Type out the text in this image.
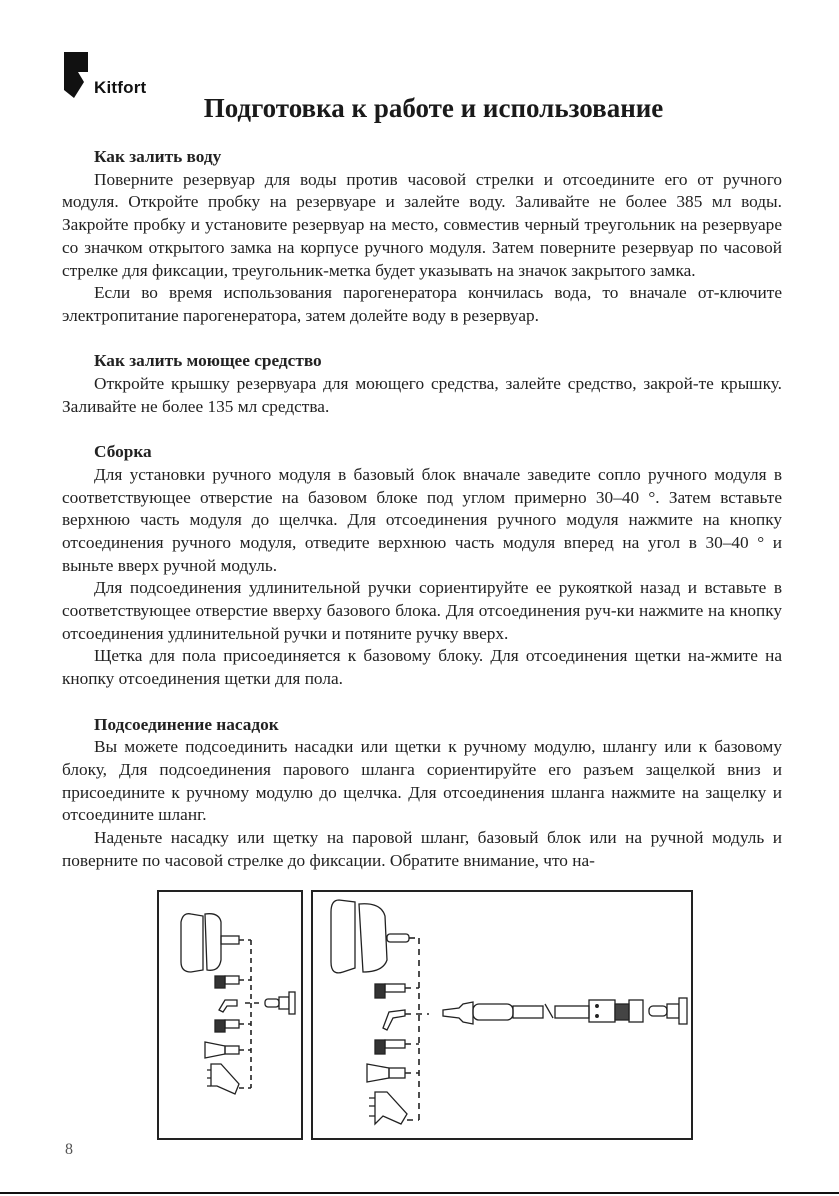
Kitfort
Подготовка к работе и использование

Как залить воду

Поверните резервуар для воды против часовой стрелки и отсоедините его от ручного модуля. Откройте пробку на резервуаре и залейте воду. Заливайте не более 385 мл воды. Закройте пробку и установите резервуар на место, совместив черный треугольник на резервуаре со значком открытого замка на корпусе ручного модуля. Затем поверните резервуар по часовой стрелке для фиксации, треугольник-метка будет указывать на значок закрытого замка.

Если во время использования парогенератора кончилась вода, то вначале от-ключите электропитание парогенератора, затем долейте воду в резервуар.

Как залить моющее средство

Откройте крышку резервуара для моющего средства, залейте средство, закрой-те крышку. Заливайте не более 135 мл средства.

Сборка

Для установки ручного модуля в базовый блок вначале заведите сопло ручного модуля в соответствующее отверстие на базовом блоке под углом примерно 30–40 °. Затем вставьте верхнюю часть модуля до щелчка. Для отсоединения ручного модуля нажмите на кнопку отсоединения ручного модуля, отведите верхнюю часть модуля вперед на угол в 30–40 ° и выньте вверх ручной модуль.

Для подсоединения удлинительной ручки сориентируйте ее рукояткой назад и вставьте в соответствующее отверстие вверху базового блока. Для отсоединения руч-ки нажмите на кнопку отсоединения удлинительной ручки и потяните ручку вверх.

Щетка для пола присоединяется к базовому блоку. Для отсоединения щетки на-жмите на кнопку отсоединения щетки для пола.

Подсоединение насадок

Вы можете подсоединить насадки или щетки к ручному модулю, шлангу или к базовому блоку, Для подсоединения парового шланга сориентируйте его разъем защелкой вниз и присоедините к ручному модулю до щелчка. Для отсоединения шланга нажмите на защелку и отсоедините шланг.

Наденьте насадку или щетку на паровой шланг, базовый блок или на ручной модуль и поверните по часовой стрелке до фиксации. Обратите внимание, что на-

8
